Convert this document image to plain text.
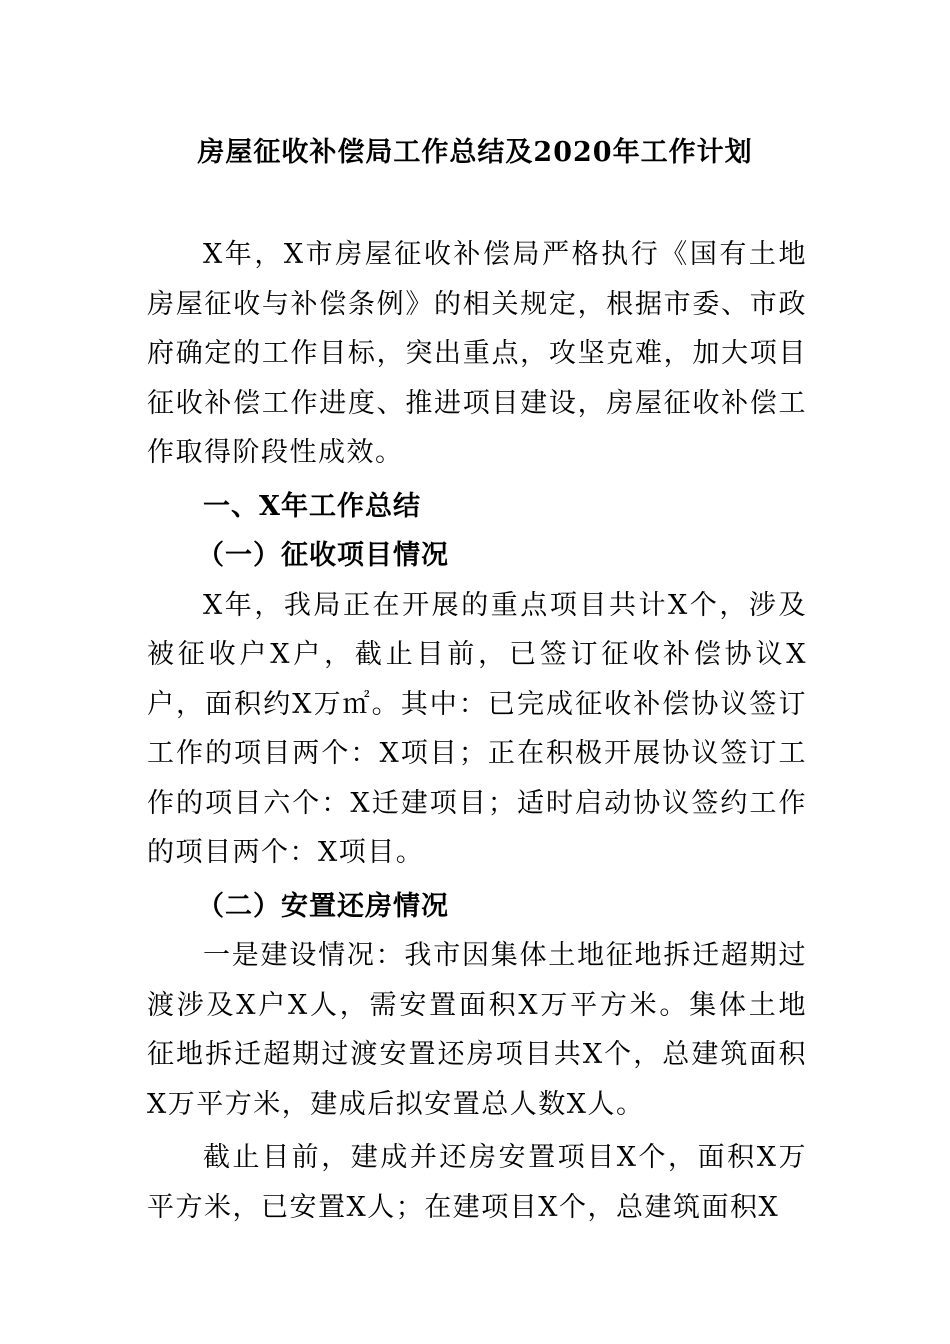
房屋征收补偿局工作总结及2020年工作计划

X年，X市房屋征收补偿局严格执行《国有土地房屋征收与补偿条例》的相关规定，根据市委、市政府确定的工作目标，突出重点，攻坚克难，加大项目征收补偿工作进度、推进项目建设，房屋征收补偿工作取得阶段性成效。

一、X年工作总结

（一）征收项目情况

X年，我局正在开展的重点项目共计X个，涉及被征收户X户，截止目前，已签订征收补偿协议X户，面积约X万㎡。其中：已完成征收补偿协议签订工作的项目两个：X项目；正在积极开展协议签订工作的项目六个：X迁建项目；适时启动协议签约工作的项目两个：X项目。

（二）安置还房情况

一是建设情况：我市因集体土地征地拆迁超期过渡涉及X户X人，需安置面积X万平方米。集体土地征地拆迁超期过渡安置还房项目共X个，总建筑面积X万平方米，建成后拟安置总人数X人。

截止目前，建成并还房安置项目X个，面积X万平方米，已安置X人；在建项目X个，总建筑面积X
